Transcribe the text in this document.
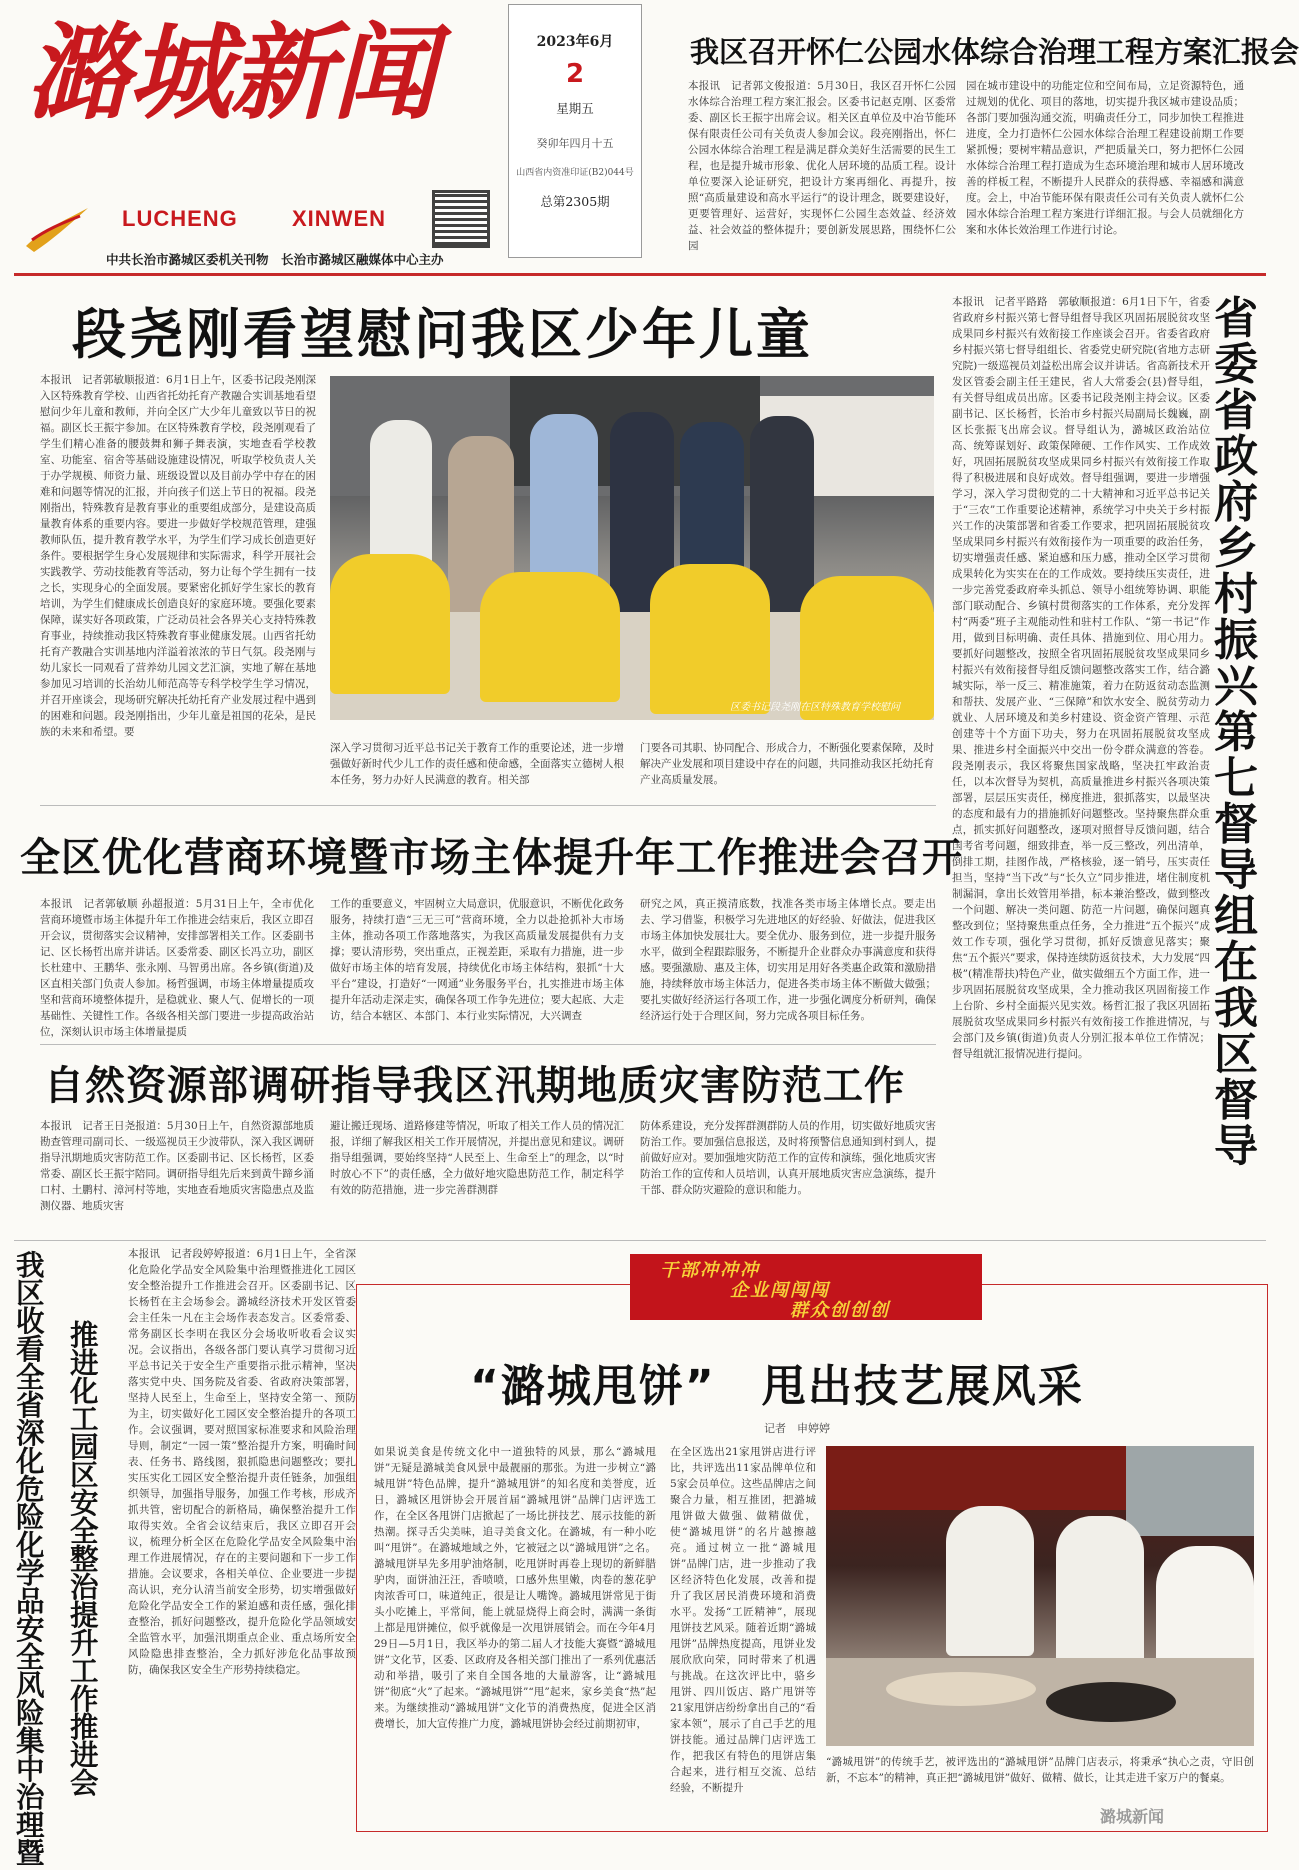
潞城新闻
LUCHENG XINWEN
中共长治市潞城区委机关刊物　长治市潞城区融媒体中心主办
2023年6月
2
星期五
癸卯年四月十五
山西省内资准印证(B2)044号
总第2305期
我区召开怀仁公园水体综合治理工程方案汇报会
本报讯　记者郭文俊报道：5月30日，我区召开怀仁公园水体综合治理工程方案汇报会。区委书记赵克刚、区委常委、副区长王振宇出席会议。相关区直单位及中冶节能环保有限责任公司有关负责人参加会议。段亮刚指出，怀仁公园水体综合治理工程是满足群众美好生活需要的民生工程，也是提升城市形象、优化人居环境的品质工程。设计单位要深入论证研究，把设计方案再细化、再提升，按照“高质量建设和高水平运行”的设计理念，既要建设好，更要管理好、运营好，实现怀仁公园生态效益、经济效益、社会效益的整体提升；要创新发展思路，围绕怀仁公园
园在城市建设中的功能定位和空间布局，立足资源特色，通过规划的优化、项目的落地，切实提升我区城市建设品质；各部门要加强沟通交流，明确责任分工，同步加快工程推进进度，全力打造怀仁公园水体综合治理工程建设前期工作要紧抓慢；要树牢精品意识，严把质量关口，努力把怀仁公园水体综合治理工程打造成为生态环境治理和城市人居环境改善的样板工程，不断提升人民群众的获得感、幸福感和满意度。会上，中冶节能环保有限责任公司有关负责人就怀仁公园水体综合治理工程方案进行详细汇报。与会人员就细化方案和水体长效治理工作进行讨论。
段尧刚看望慰问我区少年儿童
本报讯　记者郭敏顺报道：6月1日上午，区委书记段尧刚深入区特殊教育学校、山西省托幼托育产教融合实训基地看望慰问少年儿童和教师，并向全区广大少年儿童致以节日的祝福。副区长王振宇参加。在区特殊教育学校，段尧刚观看了学生们精心准备的腰鼓舞和狮子舞表演，实地查看学校教室、功能室、宿舍等基础设施建设情况，听取学校负责人关于办学规模、师资力量、班级设置以及目前办学中存在的困难和问题等情况的汇报，并向孩子们送上节日的祝福。段尧刚指出，特殊教育是教育事业的重要组成部分，是建设高质量教育体系的重要内容。要进一步做好学校规范管理，建强教师队伍，提升教育教学水平，为学生们学习成长创造更好条件。要根据学生身心发展规律和实际需求，科学开展社会实践教学、劳动技能教育等活动，努力让每个学生拥有一技之长，实现身心的全面发展。要紧密化抓好学生家长的教育培训，为学生们健康成长创造良好的家庭环境。要强化要素保障，谋实好各项政策，广泛动员社会各界关心支持特殊教育事业，持续推动我区特殊教育事业健康发展。山西省托幼托育产教融合实训基地内洋溢着浓浓的节日气氛。段尧刚与幼儿家长一同观看了营养幼儿园文艺汇演，实地了解在基地参加见习培训的长治幼儿师范高等专科学校学生学习情况，并召开座谈会，现场研究解决托幼托育产业发展过程中遇到的困难和问题。段尧刚指出，少年儿童是祖国的花朵，是民族的未来和希望。要
区委书记段尧刚在区特殊教育学校慰问
深入学习贯彻习近平总书记关于教育工作的重要论述，进一步增强做好新时代少儿工作的责任感和使命感，全面落实立德树人根本任务，努力办好人民满意的教育。相关部
门要各司其职、协同配合、形成合力，不断强化要素保障，及时解决产业发展和项目建设中存在的问题，共同推动我区托幼托育产业高质量发展。
全区优化营商环境暨市场主体提升年工作推进会召开
本报讯　记者郭敏顺 孙超报道：5月31日上午，全市优化营商环境暨市场主体提升年工作推进会结束后，我区立即召开会议，贯彻落实会议精神，安排部署相关工作。区委副书记、区长杨哲出席并讲话。区委常委、副区长冯立功，副区长杜建中、王鹏华、张永刚、马智勇出席。各乡镇(街道)及区直相关部门负责人参加。杨哲强调，市场主体增量提质攻坚和营商环境整体提升，是稳就业、聚人气、促增长的一项基础性、关键性工作。各级各相关部门要进一步提高政治站位，深刻认识市场主体增量提质
工作的重要意义，牢固树立大局意识，优服意识，不断优化政务服务，持续打造“三无三可”营商环境，全力以赴抢抓补大市场主体，推动各项工作落地落实，为我区高质量发展提供有力支撑；要认清形势，突出重点，正视差距，采取有力措施，进一步做好市场主体的培育发展，持续优化市场主体结构，狠抓“十大平台”建设，打造好“一网通”业务服务平台，扎实推进市场主体提升年活动走深走实，确保各项工作争先进位；要大起底、大走访，结合本辖区、本部门、本行业实际情况，大兴调查
研究之风，真正摸清底数，找准各类市场主体增长点。要走出去、学习借鉴，积极学习先进地区的好经验、好做法，促进我区市场主体加快发展壮大。要全优办、服务到位，进一步提升服务水平，做到全程跟踪服务，不断提升企业群众办事满意度和获得感。要强激励、惠及主体，切实用足用好各类惠企政策和激励措施，持续释放市场主体活力，促进各类市场主体不断做大做强；要扎实做好经济运行各项工作，进一步强化调度分析研判，确保经济运行处于合理区间，努力完成各项目标任务。
自然资源部调研指导我区汛期地质灾害防范工作
本报讯　记者王日尧报道：5月30日上午，自然资源部地质勘查管理司副司长、一级巡视员王少波带队，深入我区调研指导汛期地质灾害防范工作。区委副书记、区长杨哲，区委常委、副区长王振宇陪同。调研指导组先后来到黄牛蹄乡涌口村、土鹏村、漳河村等地，实地查看地质灾害隐患点及监测仪器、地质灾害
避让搬迁现场、道路修建等情况，听取了相关工作人员的情况汇报，详细了解我区相关工作开展情况，并提出意见和建议。调研指导组强调，要始终坚持“人民至上、生命至上”的理念，以“时时放心不下”的责任感，全力做好地灾隐患防范工作，制定科学有效的防范措施，进一步完善群测群
防体系建设，充分发挥群测群防人员的作用，切实做好地质灾害防治工作。要加强信息报送，及时将预警信息通知到村到人，提前做好应对。要加强地灾防范工作的宣传和演练，强化地质灾害防治工作的宣传和人员培训，认真开展地质灾害应急演练，提升干部、群众防灾避险的意识和能力。
本报讯　记者平路路　郭敏顺报道：6月1日下午，省委省政府乡村振兴第七督导组督导我区巩固拓展脱贫攻坚成果同乡村振兴有效衔接工作座谈会召开。省委省政府乡村振兴第七督导组组长、省委党史研究院(省地方志研究院)一级巡视员刘益松出席会议并讲话。省高新技术开发区管委会副主任王建民，省人大常委会(县)督导组，有关督导组成员出席。区委书记段尧刚主持会议。区委副书记、区长杨哲，长治市乡村振兴局副局长魏巍，副区长张振飞出席会议。督导组认为，潞城区政治站位高、统筹谋划好、政策保障硬、工作作风实、工作成效好，巩固拓展脱贫攻坚成果同乡村振兴有效衔接工作取得了积极进展和良好成效。督导组强调，要进一步增强学习，深入学习贯彻党的二十大精神和习近平总书记关于“三农”工作重要论述精神，系统学习中央关于乡村振兴工作的决策部署和省委工作要求，把巩固拓展脱贫攻坚成果同乡村振兴有效衔接作为一项重要的政治任务，切实增强责任感、紧迫感和压力感，推动全区学习贯彻成果转化为实实在在的工作成效。要持续压实责任，进一步完善党委政府牵头抓总、领导小组统筹协调、职能部门联动配合、乡镇村贯彻落实的工作体系，充分发挥村“两委”班子主观能动性和驻村工作队、“第一书记”作用，做到目标明确、责任具体、措施到位、用心用力。要抓好问题整改，按照全省巩固拓展脱贫攻坚成果同乡村振兴有效衔接督导组反馈问题整改落实工作，结合潞城实际，举一反三、精准施策，着力在防返贫动态监测和帮扶、发展产业、“三保障”和饮水安全、脱贫劳动力就业、人居环境及和美乡村建设、资金资产管理、示范创建等十个方面下功夫，努力在巩固拓展脱贫攻坚成果、推进乡村全面振兴中交出一份令群众满意的答卷。段尧刚表示，我区将聚焦国家战略，坚决扛牢政治责任，以本次督导为契机，高质量推进乡村振兴各项决策部署，层层压实责任，梯度推进，狠抓落实，以最坚决的态度和最有力的措施抓好问题整改。坚持聚焦群众重点，抓实抓好问题整改，逐项对照督导反馈问题，结合国考省考问题，细致排查，举一反三整改，列出清单，倒排工期，挂图作战，严格核验，逐一销号，压实责任担当，坚持“当下改”与“长久立”同步推进，堵住制度机制漏洞，拿出长效管用举措，标本兼治整改，做到整改一个问题、解决一类问题、防范一片问题，确保问题真整改到位；坚持聚焦重点任务，全力推进“五个振兴”成效工作专项，强化学习贯彻，抓好反馈意见落实；聚焦“五个振兴”要求，保持连续防返贫技术，大力发展“四极”(精准帮扶)特色产业，做实做细五个方面工作，进一步巩固拓展脱贫攻坚成果，全力推动我区巩固衔接工作上台阶、乡村全面振兴见实效。杨哲汇报了我区巩固拓展脱贫攻坚成果同乡村振兴有效衔接工作推进情况，与会部门及乡镇(街道)负责人分别汇报本单位工作情况；督导组就汇报情况进行提问。
省委省政府乡村振兴第七督导组在我区督导
我区收看全省深化危险化学品安全风险集中治理暨
推进化工园区安全整治提升工作推进会
本报讯　记者段婷婷报道：6月1日上午，全省深化危险化学品安全风险集中治理暨推进化工园区安全整治提升工作推进会召开。区委副书记、区长杨哲在主会场参会。潞城经济技术开发区管委会主任朱一凡在主会场作表态发言。区委常委、常务副区长李明在我区分会场收听收看会议实况。会议指出，各级各部门要认真学习贯彻习近平总书记关于安全生产重要指示批示精神，坚决落实党中央、国务院及省委、省政府决策部署，坚持人民至上，生命至上，坚持安全第一、预防为主，切实做好化工园区安全整治提升的各项工作。会议强调，要对照国家标准要求和风险治理导则，制定“一园一策”整治提升方案，明确时间表、任务书、路线图，狠抓隐患问题整改；要扎实压实化工园区安全整治提升责任链条，加强组织领导，加强指导服务，加强工作考核，形成齐抓共管，密切配合的新格局，确保整治提升工作取得实效。全省会议结束后，我区立即召开会议，梳理分析全区在危险化学品安全风险集中治理工作进展情况，存在的主要问题和下一步工作措施。会议要求，各相关单位、企业要进一步提高认识，充分认清当前安全形势，切实增强做好危险化学品安全工作的紧迫感和责任感，强化排查整治，抓好问题整改，提升危险化学品领域安全监管水平，加强汛期重点企业、重点场所安全风险隐患排查整治，全力抓好涉危化品事故预防，确保我区安全生产形势持续稳定。
干部冲冲冲
企业闯闯闯
群众创创创
“潞城甩饼”　甩出技艺展风采
记者　申婷婷
如果说美食是传统文化中一道独特的风景，那么“潞城甩饼”无疑是潞城美食风景中最靓丽的那张。为进一步树立“潞城甩饼”特色品牌，提升“潞城甩饼”的知名度和美誉度，近日，潞城区甩饼协会开展首届“潞城甩饼”品牌门店评选工作，在全区各甩饼门店掀起了一场比拼技艺、展示技能的新热潮。探寻舌尖美味，追寻美食文化。在潞城，有一种小吃叫“甩饼”。在潞城地域之外，它被冠之以“潞城甩饼”之名。潞城甩饼早先多用驴油烙制，吃甩饼时再卷上现切的新鲜腊驴肉，面饼油汪汪，香喷喷，口感外焦里嫩，肉卷的葱花驴肉浓香可口，味道纯正，很是让人嘴馋。潞城甩饼常见于街头小吃摊上，平常间，能上就显烧得上商会时，满满一条街上都是甩饼摊位，似乎就像是一次甩饼展销会。而在今年4月29日—5月1日，我区举办的第二届人才技能大赛暨“潞城甩饼”文化节，区委、区政府及各相关部门推出了一系列优惠活动和举措，吸引了来自全国各地的大量游客，让“潞城甩饼”彻底“火”了起来。“潞城甩饼”“甩”起来，家乡美食“热”起来。为继续推动“潞城甩饼”文化节的消费热度，促进全区消费增长，加大宣传推广力度，潞城甩饼协会经过前期初审，
在全区选出21家甩饼店进行评比，共评选出11家品牌单位和5家会员单位。这些品牌店之间聚合力量，相互推团，把潞城甩饼做大做强、做精做优，使“潞城甩饼”的名片越擦越亮。通过树立一批“潞城甩饼”品牌门店，进一步推动了我区经济特色化发展，改善和提升了我区居民消费环境和消费水平。发扬“工匠精神”，展现甩饼技艺风采。随着近期“潞城甩饼”品牌热度提高，甩饼业发展欣欣向荣，同时带来了机遇与挑战。在这次评比中，骆乡甩饼、四川饭店、路广甩饼等21家甩饼店纷纷拿出自己的“看家本领”，展示了自己手艺的甩饼技能。通过品牌门店评选工作，把我区有特色的甩饼店集合起来，进行相互交流、总结经验，不断提升
“潞城甩饼”的传统手艺，被评选出的“潞城甩饼”品牌门店表示，将秉承“执心之责，守旧创新，不忘本”的精神，真正把“潞城甩饼”做好、做精、做长，让其走进千家万户的餐桌。
潞城新闻
